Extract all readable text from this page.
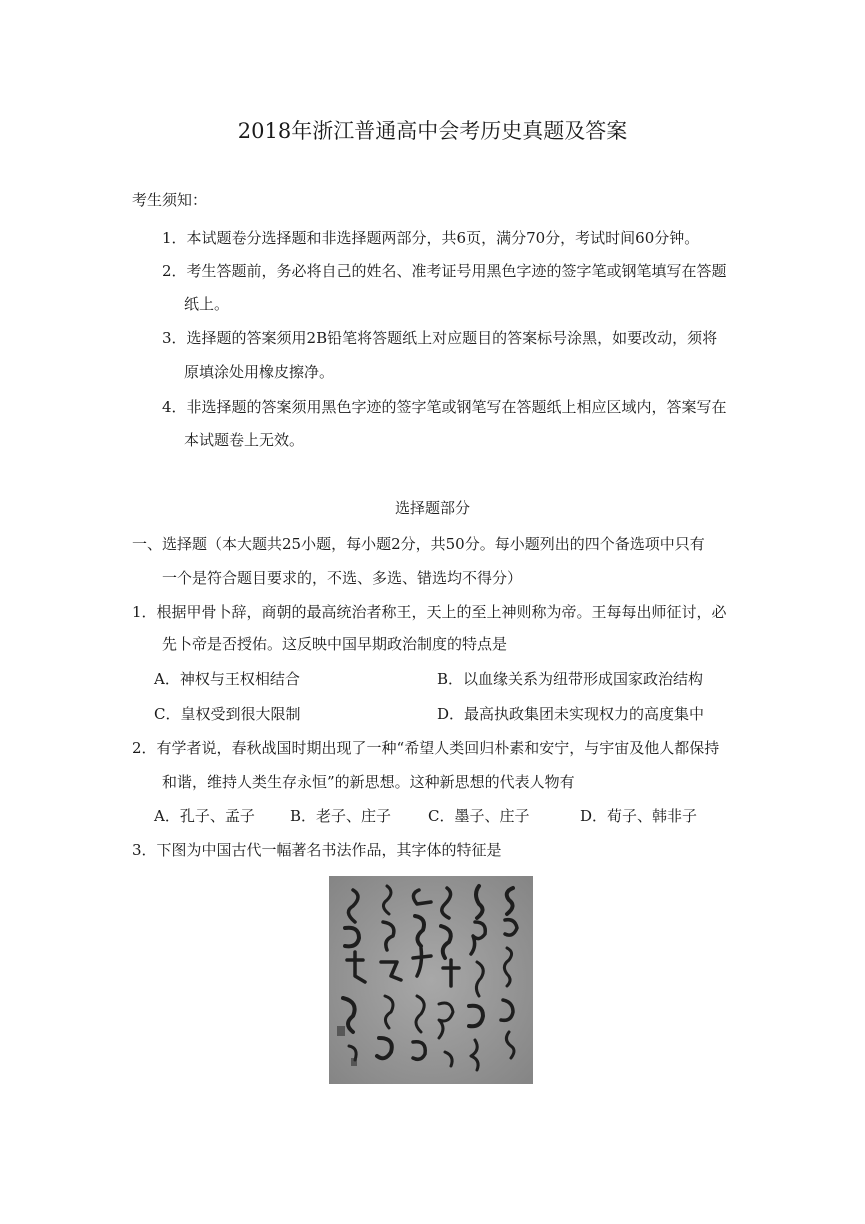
2018年浙江普通高中会考历史真题及答案
考生须知：
1．本试题卷分选择题和非选择题两部分，共6页，满分70分，考试时间60分钟。
2．考生答题前，务必将自己的姓名、准考证号用黑色字迹的签字笔或钢笔填写在答题
纸上。
3．选择题的答案须用2B铅笔将答题纸上对应题目的答案标号涂黑，如要改动，须将
原填涂处用橡皮擦净。
4．非选择题的答案须用黑色字迹的签字笔或钢笔写在答题纸上相应区域内，答案写在
本试题卷上无效。
选择题部分
一、选择题（本大题共25小题，每小题2分，共50分。每小题列出的四个备选项中只有
一个是符合题目要求的，不选、多选、错选均不得分）
1．根据甲骨卜辞，商朝的最高统治者称王，天上的至上神则称为帝。王每每出师征讨，必
先卜帝是否授佑。这反映中国早期政治制度的特点是
A．神权与王权相结合	B．以血缘关系为纽带形成国家政治结构
C．皇权受到很大限制	D．最高执政集团未实现权力的高度集中
2．有学者说，春秋战国时期出现了一种“希望人类回归朴素和安宁，与宇宙及他人都保持
和谐，维持人类生存永恒”的新思想。这种新思想的代表人物有
A．孔子、孟子 B．老子、庄子 C．墨子、庄子	D．荀子、韩非子
3．下图为中国古代一幅著名书法作品，其字体的特征是
